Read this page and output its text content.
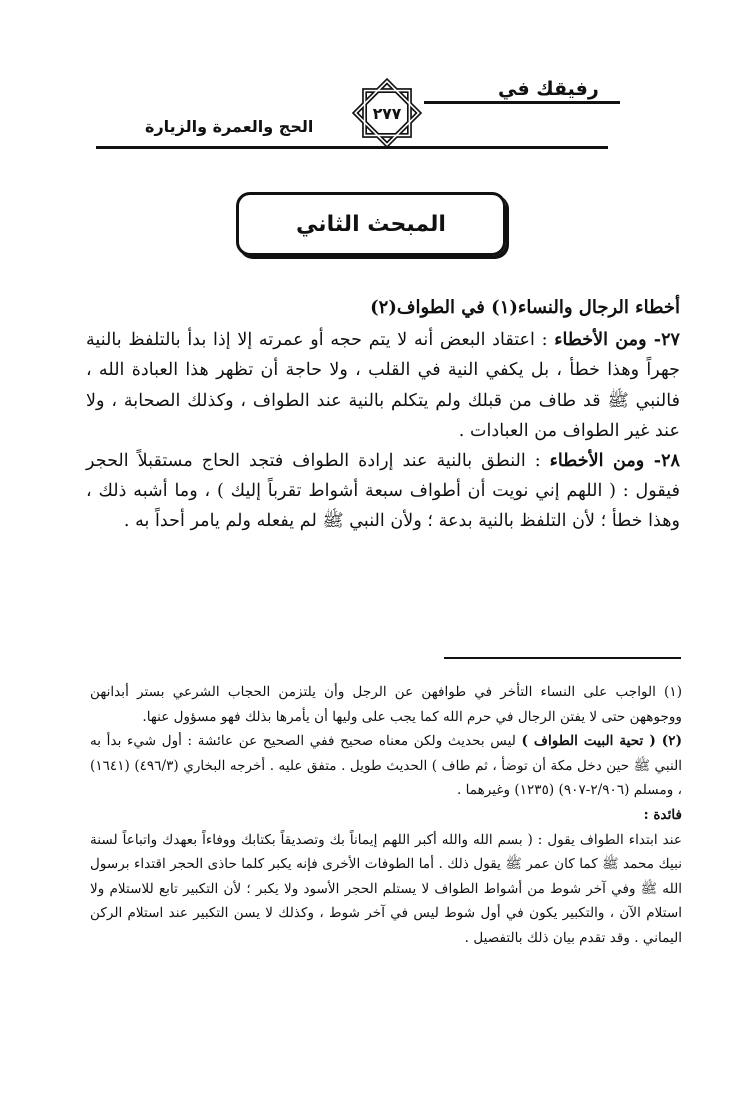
رفيقك في
الحج والعمرة والزيارة
٢٧٧
المبحث الثاني

أخطاء الرجال والنساء(١) في الطواف(٢)

٢٧- ومن الأخطاء : اعتقاد البعض أنه لا يتم حجه أو عمرته إلا إذا بدأ بالتلفظ بالنية جهراً وهذا خطأ ، بل يكفي النية في القلب ، ولا حاجة أن تظهر هذا العبادة الله ، فالنبي ﷺ قد طاف من قبلك ولم يتكلم بالنية عند الطواف ، وكذلك الصحابة ، ولا عند غير الطواف من العبادات .

٢٨- ومن الأخطاء : النطق بالنية عند إرادة الطواف فتجد الحاج مستقبلاً الحجر فيقول : ( اللهم إني نويت أن أطواف سبعة أشواط تقرباً إليك ) ، وما أشبه ذلك ، وهذا خطأ ؛ لأن التلفظ بالنية بدعة ؛ ولأن النبي ﷺ لم يفعله ولم يامر أحداً به .

(١) الواجب على النساء التأخر في طوافهن عن الرجل وأن يلتزمن الحجاب الشرعي بستر أبدانهن ووجوههن حتى لا يفتن الرجال في حرم الله كما يجب على وليها أن يأمرها بذلك فهو مسؤول عنها.

(٢) ( تحية البيت الطواف ) ليس بحديث ولكن معناه صحيح ففي الصحيح عن عائشة : أول شيء بدأ به النبي ﷺ حين دخل مكة أن توضأ ، ثم طاف ) الحديث طويل . متفق عليه . أخرجه البخاري (٤٩٦/٣) (١٦٤١) ، ومسلم (٢/٩٠٦-٩٠٧) (١٢٣٥) وغيرهما .

فائدة :

عند ابتداء الطواف يقول : ( بسم الله والله أكبر اللهم إيماناً بك وتصديقاً بكتابك ووفاءاً بعهدك واتباعاً لسنة نبيك محمد ﷺ كما كان عمر ﷺ يقول ذلك . أما الطوفات الأخرى فإنه يكبر كلما حاذى الحجر اقتداء برسول الله ﷺ وفي آخر شوط من أشواط الطواف لا يستلم الحجر الأسود ولا يكبر ؛ لأن التكبير تابع للاستلام ولا استلام الآن ، والتكبير يكون في أول شوط ليس في آخر شوط ، وكذلك لا يسن التكبير عند استلام الركن اليماني . وقد تقدم بيان ذلك بالتفصيل .
